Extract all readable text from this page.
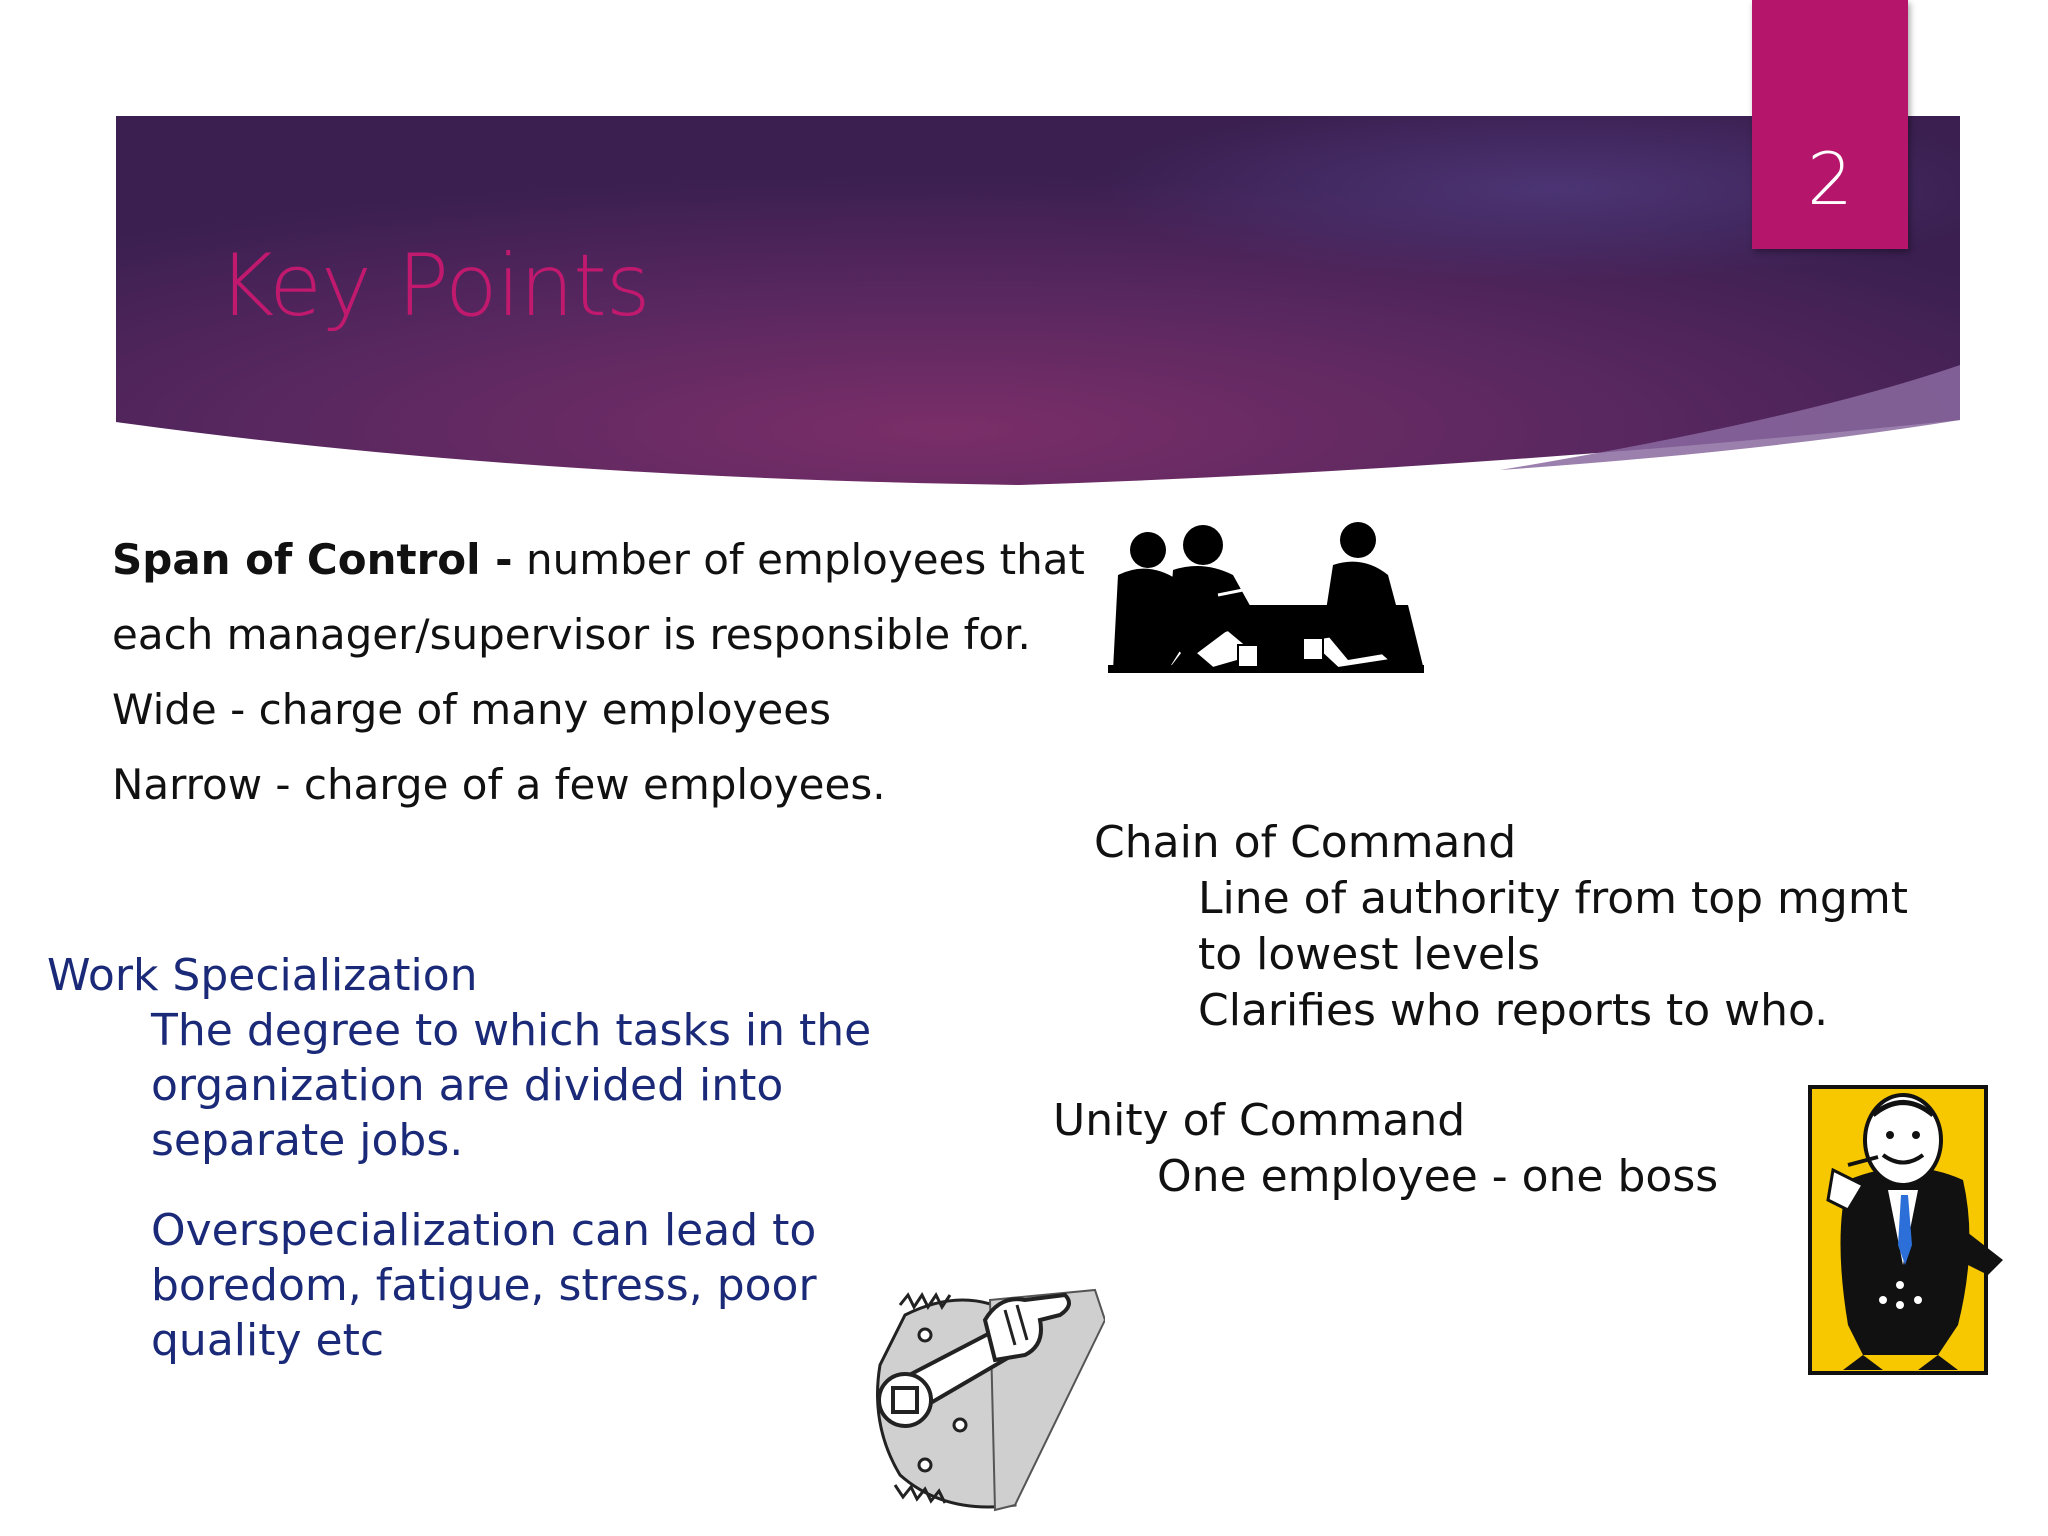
2
Key Points

Span of Control - number of employees that

each manager/supervisor is responsible for.

Wide - charge of many employees

Narrow - charge of a few employees.

Chain of Command
Line of authority from top mgmt
to lowest levels
Clarifies who reports to who.
Unity of Command
One employee - one boss
Work Specialization
The degree to which tasks in the
organization are divided into
separate jobs.
Overspecialization can lead to
boredom, fatigue, stress, poor
quality etc
